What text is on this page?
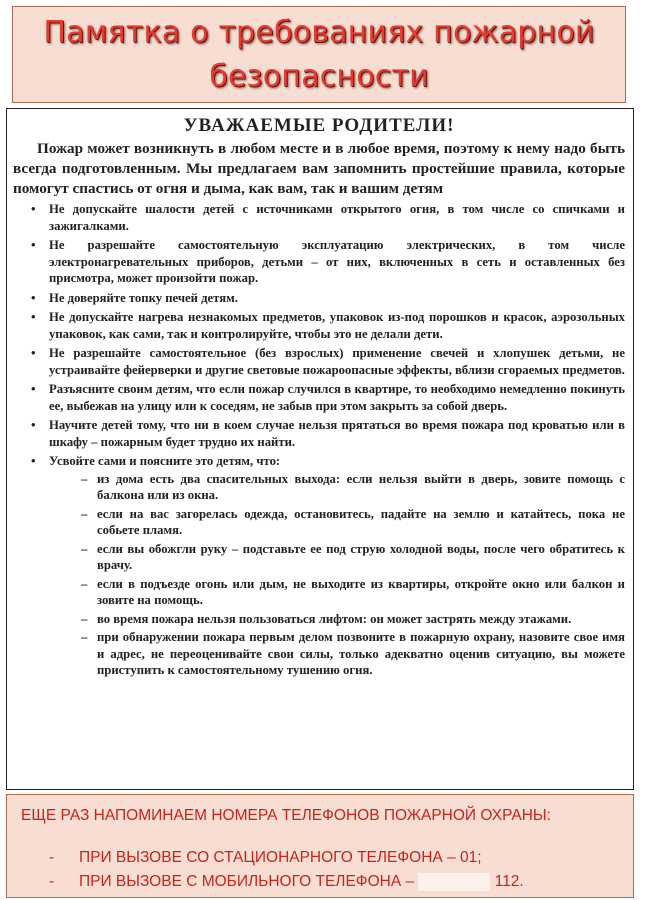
Памятка о требованиях пожарной
безопасности
УВАЖАЕМЫЕ РОДИТЕЛИ!

Пожар может возникнуть в любом месте и в любое время, поэтому к нему надо быть всегда подготовленным. Мы предлагаем вам запомнить простейшие правила, которые помогут спастись от огня и дыма, как вам, так и вашим детям

• Не допускайте шалости детей с источниками открытого огня, в том числе со спичками и зажигалками.
• Не разрешайте самостоятельную эксплуатацию электрических, в том числе электронагревательных приборов, детьми – от них, включенных в сеть и оставленных без присмотра, может произойти пожар.
• Не доверяйте топку печей детям.
• Не допускайте нагрева незнакомых предметов, упаковок из-под порошков и красок, аэрозольных упаковок, как сами, так и контролируйте, чтобы это не делали дети.
• Не разрешайте самостоятельное (без взрослых) применение свечей и хлопушек детьми, не устраивайте фейерверки и другие световые пожароопасные эффекты, вблизи сгораемых предметов.
• Разъясните своим детям, что если пожар случился в квартире, то необходимо немедленно покинуть ее, выбежав на улицу или к соседям, не забыв при этом закрыть за собой дверь.
• Научите детей тому, что ни в коем случае нельзя прятаться во время пожара под кроватью или в шкафу – пожарным будет трудно их найти.
• Усвойте сами и поясните это детям, что:
– из дома есть два спасительных выхода: если нельзя выйти в дверь, зовите помощь с балкона или из окна.
– если на вас загорелась одежда, остановитесь, падайте на землю и катайтесь, пока не собьете пламя.
– если вы обожгли руку – подставьте ее под струю холодной воды, после чего обратитесь к врачу.
– если в подъезде огонь или дым, не выходите из квартиры, откройте окно или балкон и зовите на помощь.
– во время пожара нельзя пользоваться лифтом: он может застрять между этажами.
– при обнаружении пожара первым делом позвоните в пожарную охрану, назовите свое имя и адрес, не переоценивайте свои силы, только адекватно оценив ситуацию, вы можете приступить к самостоятельному тушению огня.
ЕЩЕ РАЗ НАПОМИНАЕМ НОМЕРА ТЕЛЕФОНОВ ПОЖАРНОЙ ОХРАНЫ:
- ПРИ ВЫЗОВЕ СО СТАЦИОНАРНОГО ТЕЛЕФОНА – 01;
- ПРИ ВЫЗОВЕ С МОБИЛЬНОГО ТЕЛЕФОНА –	112.
